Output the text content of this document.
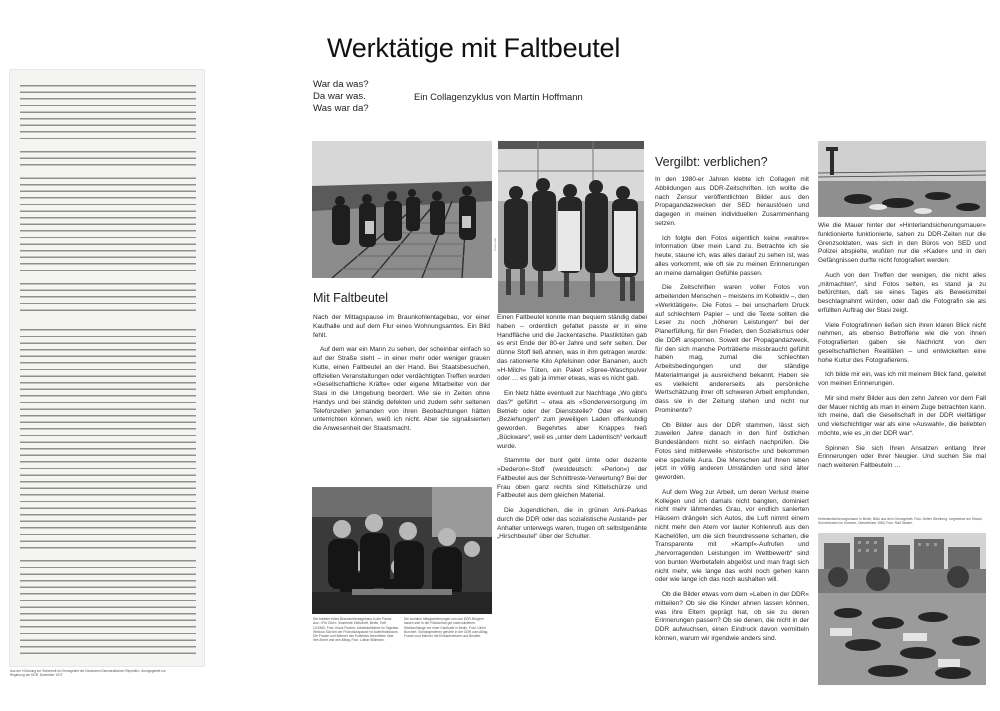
Aus der »Ordnung zur Sicherheit im Grenzgebiet der Deutschen Demokratischen Republik«, Anzugsgebiet zur Regierung der DDR, Dezember 1972
Werktätige mit Faltbeutel
War da was?
Da war was.
Was war da?
Ein Collagenzyklus von Martin Hoffmann
Foto Lutz
Mit Faltbeutel

Nach der Mittagspause im Braunkohlentagebau, vor einer Kaufhalle und auf dem Flur eines Wohnungsamtes. Ein Bild fehlt.

Auf dem war ein Mann zu sehen, der scheinbar einfach so auf der Straße steht – in einer mehr oder weniger grauen Kutte, einen Faltbeutel an der Hand. Bei Staatsbesuchen, offiziellen Veranstaltungen oder verdächtigten Treffen wurden »Gesellschaftliche Kräfte« oder eigene Mitarbeiter von der Stasi in die Umgebung beordert. Wie sie in Zeiten ohne Handys und bei ständig defekten und zudem sehr seltenen Telefonzellen jemanden von ihren Beobachtungen hätten unterrichten können, weiß ich nicht. Aber sie signalisierten die Anwesenheit der Staatsmacht.

Einen Faltbeutel konnte man bequem ständig dabei haben – ordentlich gefaltet passte er in eine Handfläche und die Jackentasche. Plastiktüten gab es erst Ende der 80-er Jahre und sehr selten. Der dünne Stoff ließ ahnen, was in ihm getragen wurde: das rationierte Kilo Apfelsinen oder Bananen, auch »H-Milch« Tüten, ein Paket »Spree-Waschpulver oder … es gab ja immer etwas, was es nicht gab.

Ein Netz hätte eventuell zur Nachfrage „Wo gibt's das?“ geführt – etwa als »Sonderversorgung im Betrieb oder der Dienststelle? Oder es wären „Beziehungen“ zum jeweiligen Laden offenkundig geworden. Begehrtes aber Knappes hieß „Bückware“, weil es „unter dem Ladentisch“ verkauft wurde.

Stammte der bunt gebl ümte oder dezente »Dederon«-Stoff (westdeutsch: »Perlon«) der Faltbeutel aus der Schnittreste-Verwertung? Bei der Frau oben ganz rechts sind Kittelschürze und Faltbeutel aus dem gleichen Material.

Die Jugendlichen, die in grünen Ami-Parkas durch die DDR oder das sozialistische Ausland» per Anhalter unterwegs waren, trugen oft selbstgenähte „Hirschbeutel“ über der Schulter.

Die Arbeiter eines Braunkohlentagebaus in der Pause. Aus: »Für Dich«, Illustrierte Zeitschrift, Berlin, Heft 12/1980, Foto: Klaus Fischer. Arbeitskollektive im Tagebau Welzow-Süd bei der Frühstückspause im Aufenthaltsraum. Die Frauen und Männer des Kollektivs berichteten über ihre Arbeit und den Alltag. Foto: Lothar Willmann.
Die sozialen Alltagserfahrungen von uns DDR-Bürgern lassen sich in der Rückschau gut nachvollziehen. Warteschlange vor einer Kaufhalle in Berlin. Foto: Ulrich Burchert. Schlangestehen gehörte in der DDR zum Alltag. Frauen und Männer mit Einkaufsnetzen und Beuteln.
Vergilbt: verblichen?

In den 1980-er Jahren klebte ich Collagen mit Abbildungen aus DDR-Zeitschriften. Ich wollte die nach Zensur veröffentlichten Bilder aus den Propagandazwecken der SED herauslösen und dagegen in meinen individuellen Zusammenhang setzen.

Ich folgte den Fotos eigentlich keine »wahre« Information über mein Land zu. Betrachte ich sie heute, staune ich, was alles darauf zu sehen ist, was alles vorkommt, wie oft sie zu meinen Erinnerungen an meine damaligen Gefühle passen.

Die Zeitschriften waren voller Fotos von arbeitenden Menschen – meistens im Kollektiv –, den »Werktätigen«. Die Fotos – bei unscharfem Druck auf schlechtem Papier – und die Texte sollten die Leser zu noch „höheren Leistungen“ bei der Planerfüllung, für den Frieden, den Sozialismus oder die DDR anspornen. Soweit der Propagandazweck, für den sich manche Porträtierte missbraucht gefühlt haben mag, zumal die schlechten Arbeitsbedingungen und der ständige Materialmangel ja ausreichend bekannt. Haben sie es vielleicht andererseits als persönliche Wertschätzung ihrer oft schweren Arbeit empfunden, dass sie in der Zeitung stehen und nicht nur Prominente?

Ob Bilder aus der DDR stammen, lässt sich zuweilen Jahre danach in den fünf östlichen Bundesländern nicht so einfach nachprüfen. Die Fotos sind mittlerweile »historisch« und bekommen eine spezielle Aura. Die Menschen auf ihnen leben jetzt in völlig anderen Umständen und sind älter geworden.

Auf dem Weg zur Arbeit, um deren Verlust meine Kollegen und ich damals nicht bangten, dominiert nicht mehr lähmendes Grau, vor endlich sanierten Häusern drängeln sich Autos, die Luft nimmt einem nicht mehr den Atem vor lauter Kohlenruß aus den Kachelöfen, um die sich freundressene scharten, die Transparente mit »Kampf«-Aufrufen und „hervorragenden Leistungen im Wettbewerb“ sind von bunten Werbetafeln abgelöst und man fragt sich nicht mehr, wie lange das wohl noch gehen kann oder wie lange ich das noch aushalten will.

Ob die Bilder etwas vom dem »Leben in der DDR« mitteilen? Ob sie die Kinder ahnen lassen können, was ihre Eltern geprägt hat, ob sie zu deren Erinnerungen passen? Ob sie denen, die nicht in der DDR aufwuchsen, einen Eindruck davon vermitteln können, warum wir irgendwie anders sind.

Wie die Mauer hinter der »Hinterlandsicherungsmauer« funktionierte funktionierte, sahen zu DDR-Zeiten nur die Grenzsoldaten, was sich in den Büros von SED und Polizei abspielte, wußten nur die »Kader« und in den Gefängnissen durfte nicht fotografiert werden.

Auch von den Treffen der wenigen, die nicht alles „mitmachten“, sind Fotos selten, es stand ja zu befürchten, daß sie eines Tages als Beweismittel beschlagnahmt würden, oder daß die Fotografin sie als erfüllten Auftrag der Stasi zeigt.

Viele Fotografinnen ließen sich ihren klaren Blick nicht nehmen, als ebenso Betroffene wie die von ihnen Fotografierten gaben sie Nachricht von den gesellschaftlichen Realitäten – und entwickelten eine hohe Kultur des Fotografierens.

Ich bilde mir ein, was ich mit meinem Blick fand, geleitet von meinen Erinnerungen.

Mir sind mehr Bilder aus den zehn Jahren vor dem Fall der Mauer nichtig als man in einem Zuge betrachten kann. Ich meine, daß die Gesellschaft in der DDR vielfältiger und vielschichtiger war als eine »Auswahl«, die beliebten möchte, wie es „in der DDR war“.

Spinnen Sie sich Ihren Ansatzen entlang Ihrer Erinnerungen oder Ihrer Neugier. Und suchen Sie mal nach weiteren Faltbeuteln …

Hinterlandsicherungsmauer in Berlin, Blick aus dem Grenzgebiet. Foto: Detlev Steinberg. Liegewiese am Strand, Sonnenbaden im Sommer, Ostseeküste 1983, Foto: Ralf Sander.
